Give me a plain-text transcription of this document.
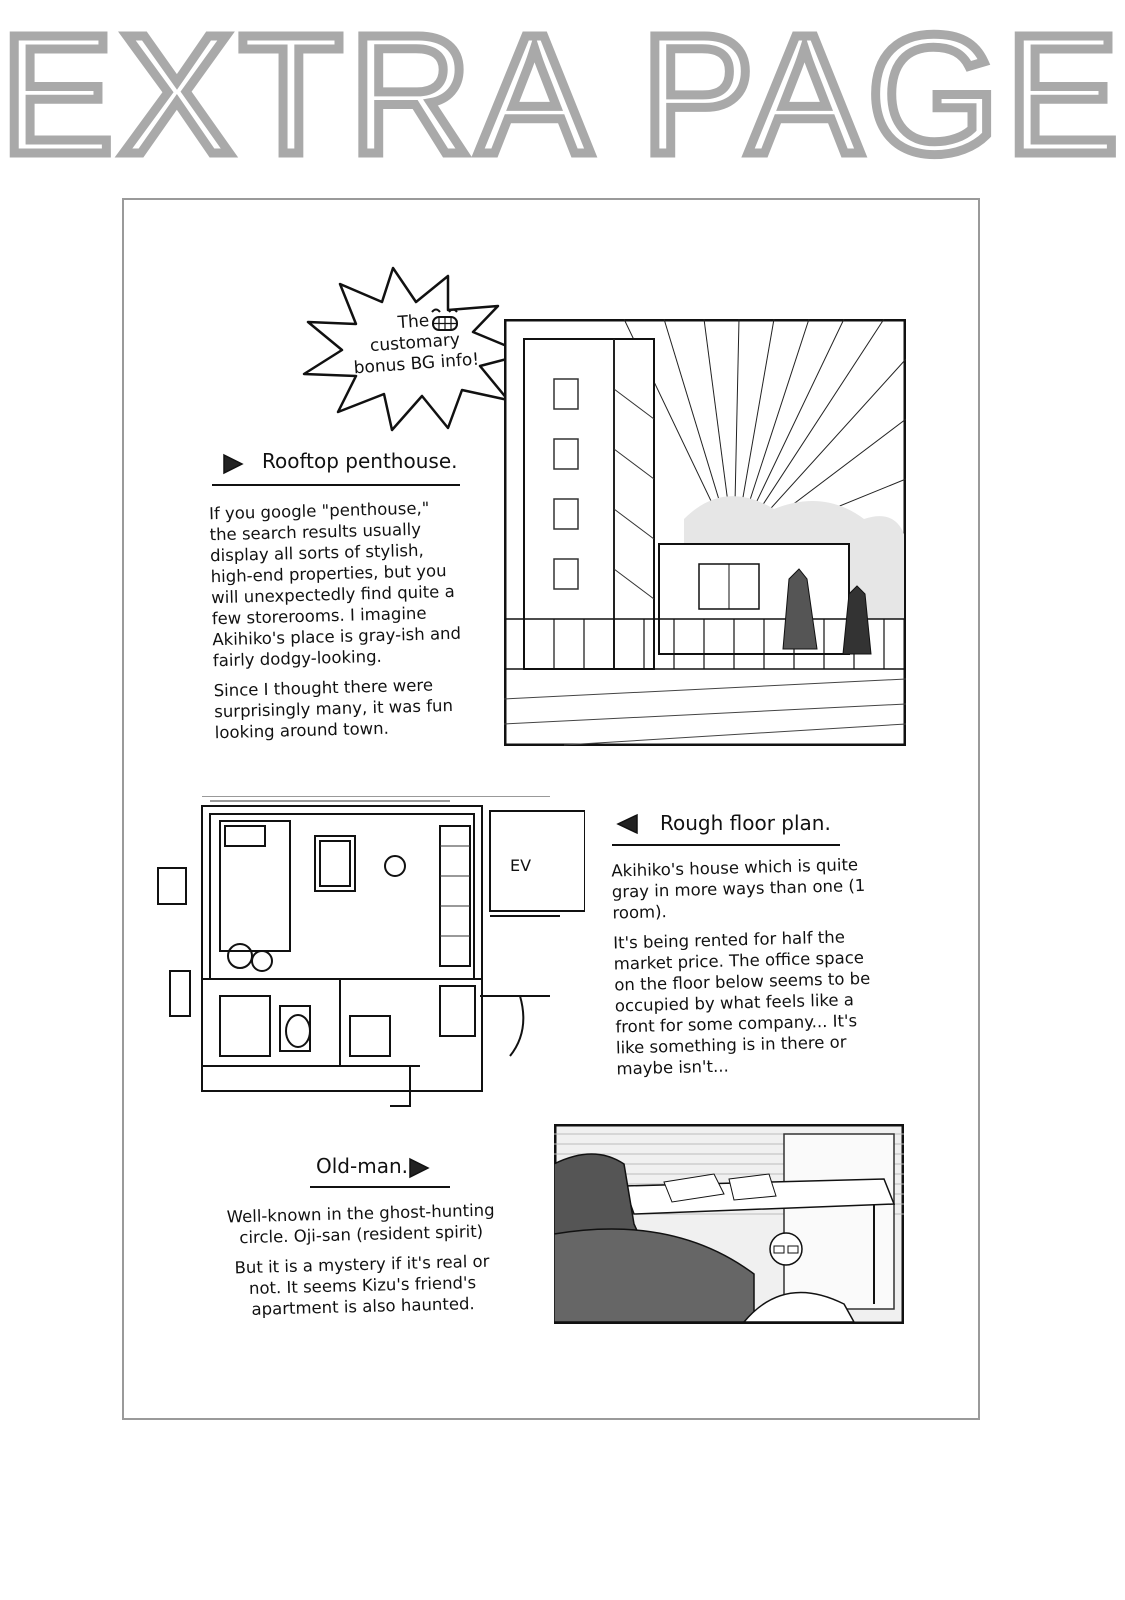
EXTRA PAGE
The
customary
bonus BG info!
Rooftop penthouse.

If you google "penthouse," the search results usually display all sorts of stylish, high-end properties, but you will unexpectedly find quite a few storerooms. I imagine Akihiko's place is gray-ish and fairly dodgy-looking.

Since I thought there were surprisingly many, it was fun looking around town.

EV
Rough floor plan.

Akihiko's house which is quite gray in more ways than one (1 room).

It's being rented for half the market price. The office space on the floor below seems to be occupied by what feels like a front for some company... It's like something is in there or maybe isn't...

Old-man.

Well-known in the ghost-hunting circle. Oji-san (resident spirit)

But it is a mystery if it's real or not. It seems Kizu's friend's apartment is also haunted.
